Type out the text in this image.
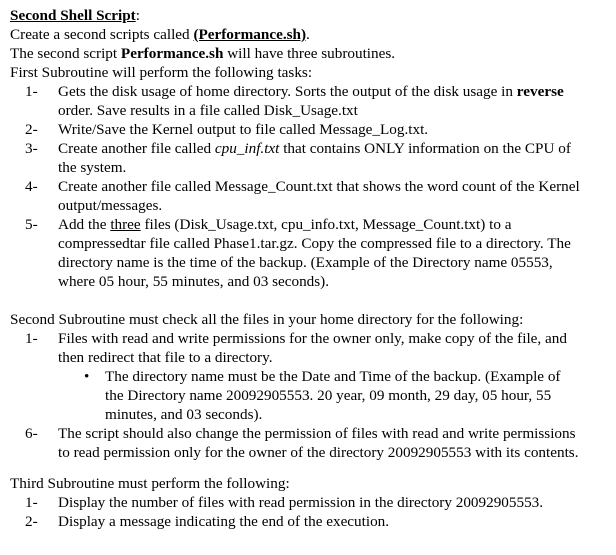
Second Shell Script:

Create a second scripts called (Performance.sh).

The second script Performance.sh will have three subroutines.

First Subroutine will perform the following tasks:

1- Gets the disk usage of home directory. Sorts the output of the disk usage in reverse
order. Save results in a file called Disk_Usage.txt
2- Write/Save the Kernel output to file called Message_Log.txt.
3- Create another file called cpu_inf.txt that contains ONLY information on the CPU of
the system.
4- Create another file called Message_Count.txt that shows the word count of the Kernel
output/messages.
5- Add the three files (Disk_Usage.txt, cpu_info.txt, Message_Count.txt) to a
compressedtar file called Phase1.tar.gz. Copy the compressed file to a directory. The
directory name is the time of the backup. (Example of the Directory name 05553,
where 05 hour, 55 minutes, and 03 seconds).

Second Subroutine must check all the files in your home directory for the following:

1- Files with read and write permissions for the owner only, make copy of the file, and
then redirect that file to a directory.
• The directory name must be the Date and Time of the backup. (Example of
the Directory name 20092905553. 20 year, 09 month, 29 day, 05 hour, 55
minutes, and 03 seconds).
6- The script should also change the permission of files with read and write permissions
to read permission only for the owner of the directory 20092905553 with its contents.

Third Subroutine must perform the following:

1- Display the number of files with read permission in the directory 20092905553.
2- Display a message indicating the end of the execution.
